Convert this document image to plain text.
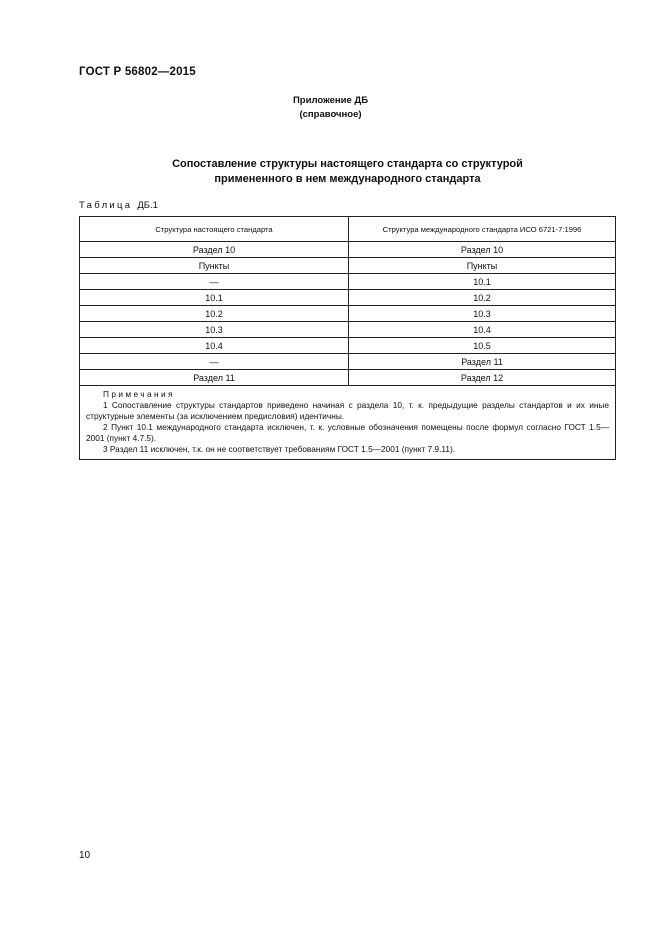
ГОСТ Р 56802—2015
Приложение ДБ
(справочное)
Сопоставление структуры настоящего стандарта со структурой
примененного в нем международного стандарта
Таблица ДБ.1
Структура настоящего стандарта	Структура международного стандарта ИСО 6721-7:1996
Раздел 10	Раздел 10
Пункты	Пункты
—	10.1
10.1	10.2
10.2	10.3
10.3	10.4
10.4	10.5
—	Раздел 11
Раздел 11	Раздел 12

Примечания
1 Сопоставление структуры стандартов приведено начиная с раздела 10, т. к. предыдущие разделы стандартов и их иные структурные элементы (за исключением предисловия) идентичны.
2 Пункт 10.1 международного стандарта исключен, т. к. условные обозначения помещены после формул согласно ГОСТ 1.5—2001 (пункт 4.7.5).
3 Раздел 11 исключен, т.к. он не соответствует требованиям ГОСТ 1.5—2001 (пункт 7.9.11).	
10
